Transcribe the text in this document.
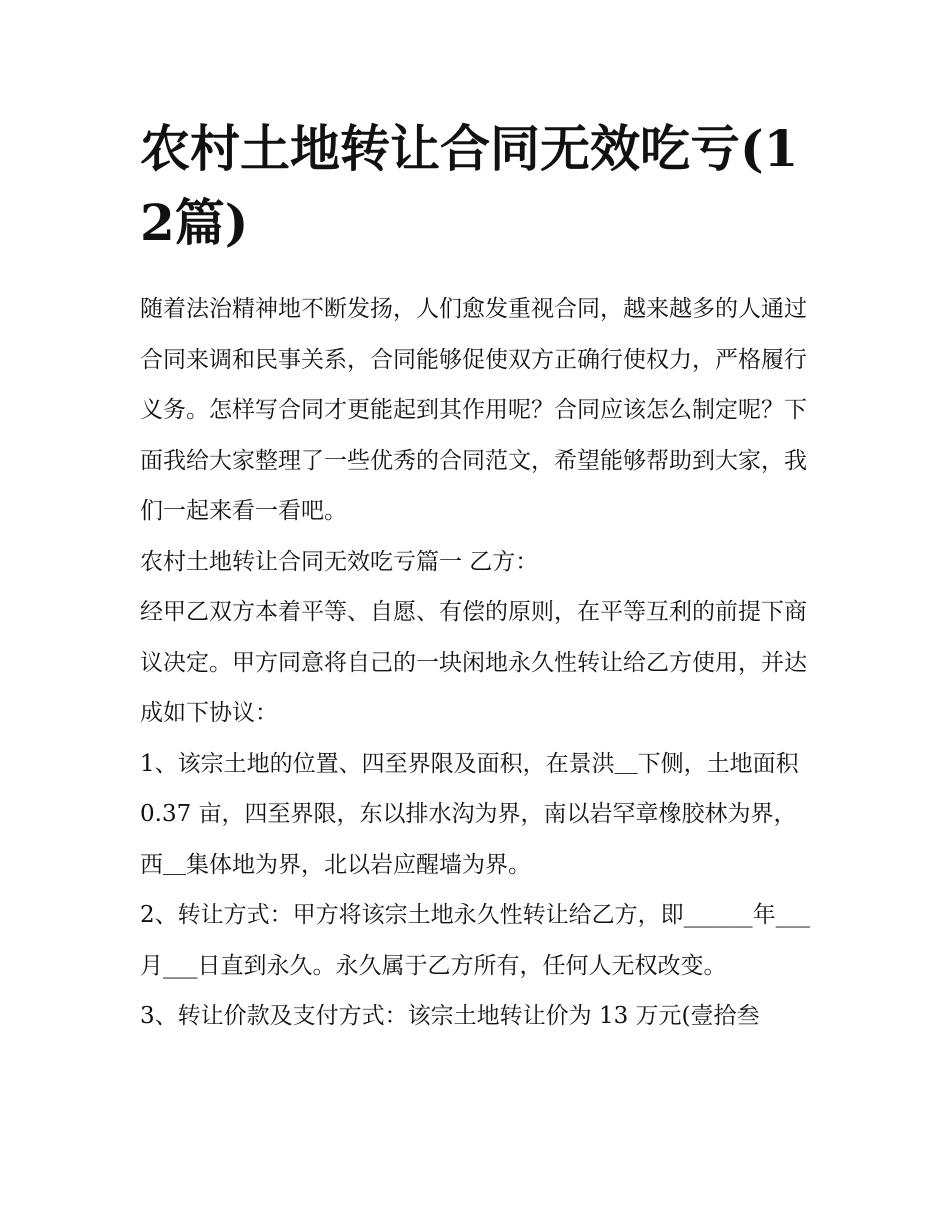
农村土地转让合同无效吃亏(12篇)

随着法治精神地不断发扬，人们愈发重视合同，越来越多的人通过合同来调和民事关系，合同能够促使双方正确行使权力，严格履行义务。怎样写合同才更能起到其作用呢？合同应该怎么制定呢？下面我给大家整理了一些优秀的合同范文，希望能够帮助到大家，我们一起来看一看吧。

农村土地转让合同无效吃亏篇一 乙方：

经甲乙双方本着平等、自愿、有偿的原则，在平等互利的前提下商议决定。甲方同意将自己的一块闲地永久性转让给乙方使用，并达成如下协议：

1、该宗土地的位置、四至界限及面积，在景洪＿下侧，土地面积 0.37 亩，四至界限，东以排水沟为界，南以岩罕章橡胶林为界，西＿集体地为界，北以岩应醒墙为界。

2、转让方式：甲方将该宗土地永久性转让给乙方，即______年___月___日直到永久。永久属于乙方所有，任何人无权改变。

3、转让价款及支付方式：该宗土地转让价为 13 万元(壹拾叁
